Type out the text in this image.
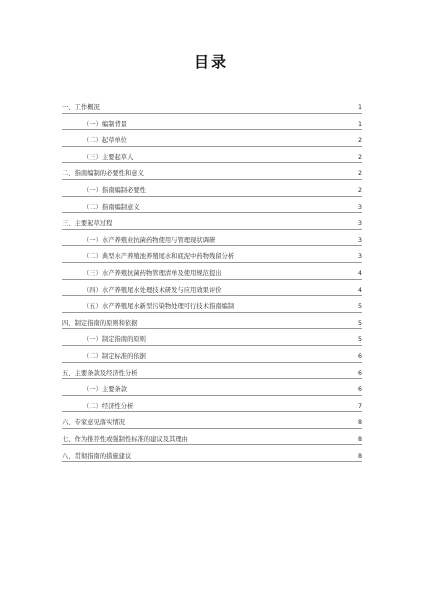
目录
一、工作概况	1
（一）编制背景	1
（二）起草单位	2
（三）主要起草人	2
二、指南编制的必要性和意义	2
（一）指南编制必要性	2
（二）指南编制意义	3
三、主要起草过程	3
（一）水产养殖业抗菌药物使用与管理现状调研	3
（二）典型水产养殖池养殖尾水和底泥中药物残留分析	3
（三）水产养殖抗菌药物管理清单及使用规范提出	4
（四）水产养殖尾水处理技术研发与应用效果评价	4
（五）水产养殖尾水新型污染物处理可行技术指南编制	5
四、制定指南的原则和依据	5
（一）制定指南的原则	5
（二）制定标准的依据	6
五、主要条款及经济性分析	6
（一）主要条款	6
（二）经济性分析	7
六、专家意见落实情况	8
七、作为推荐性或强制性标准的建议及其理由	8
八、贯彻指南的措施建议	8
